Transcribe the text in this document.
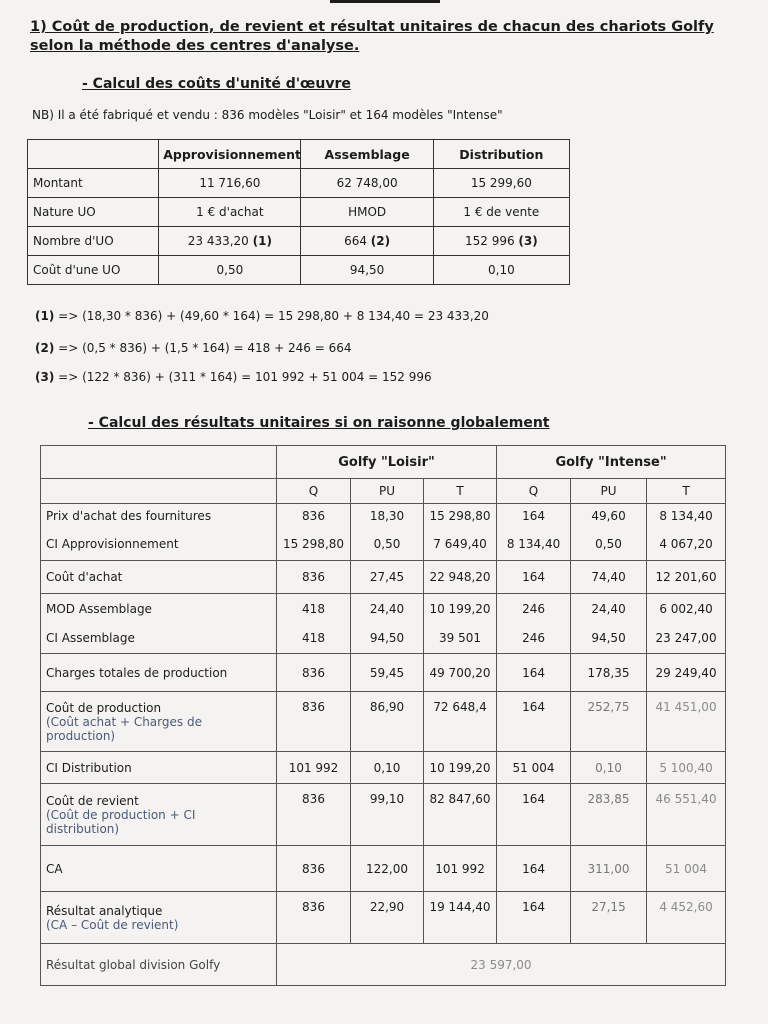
1) Coût de production, de revient et résultat unitaires de chacun des chariots Golfy selon la méthode des centres d'analyse.
- Calcul des coûts d'unité d'œuvre
NB) Il a été fabriqué et vendu : 836 modèles "Loisir" et 164 modèles "Intense"
	Approvisionnement	Assemblage	Distribution
Montant	11 716,60	62 748,00	15 299,60
Nature UO	1 € d'achat	HMOD	1 € de vente
Nombre d'UO	23 433,20 (1)	664 (2)	152 996 (3)
Coût d'une UO	0,50	94,50	0,10
(1) => (18,30 * 836) + (49,60 * 164) = 15 298,80 + 8 134,40 = 23 433,20
(2) => (0,5 * 836) + (1,5 * 164) = 418 + 246 = 664
(3) => (122 * 836) + (311 * 164) = 101 992 + 51 004 = 152 996
- Calcul des résultats unitaires si on raisonne globalement
	Golfy "Loisir"			Golfy "Intense"		
	Q	PU	T	Q	PU	T

Prix d'achat des fournitures	836	18,30	15 298,80	164	49,60	8 134,40

CI Approvisionnement	15 298,80	0,50	7 649,40	8 134,40	0,50	4 067,20

Coût d'achat	836	27,45	22 948,20	164	74,40	12 201,60

MOD Assemblage	418	24,40	10 199,20	246	24,40	6 002,40

CI Assemblage	418	94,50	39 501	246	94,50	23 247,00

Charges totales de production	836	59,45	49 700,20	164	178,35	29 249,40

Coût de production
(Coût achat + Charges de production)	836	86,90	72 648,4	164	252,75	41 451,00

CI Distribution	101 992	0,10	10 199,20	51 004	0,10	5 100,40

Coût de revient
(Coût de production + CI distribution)	836	99,10	82 847,60	164	283,85	46 551,40

CA	836	122,00	101 992	164	311,00	51 004

Résultat analytique
(CA – Coût de revient)	836	22,90	19 144,40	164	27,15	4 452,60
Résultat global division Golfy	23 597,00					
